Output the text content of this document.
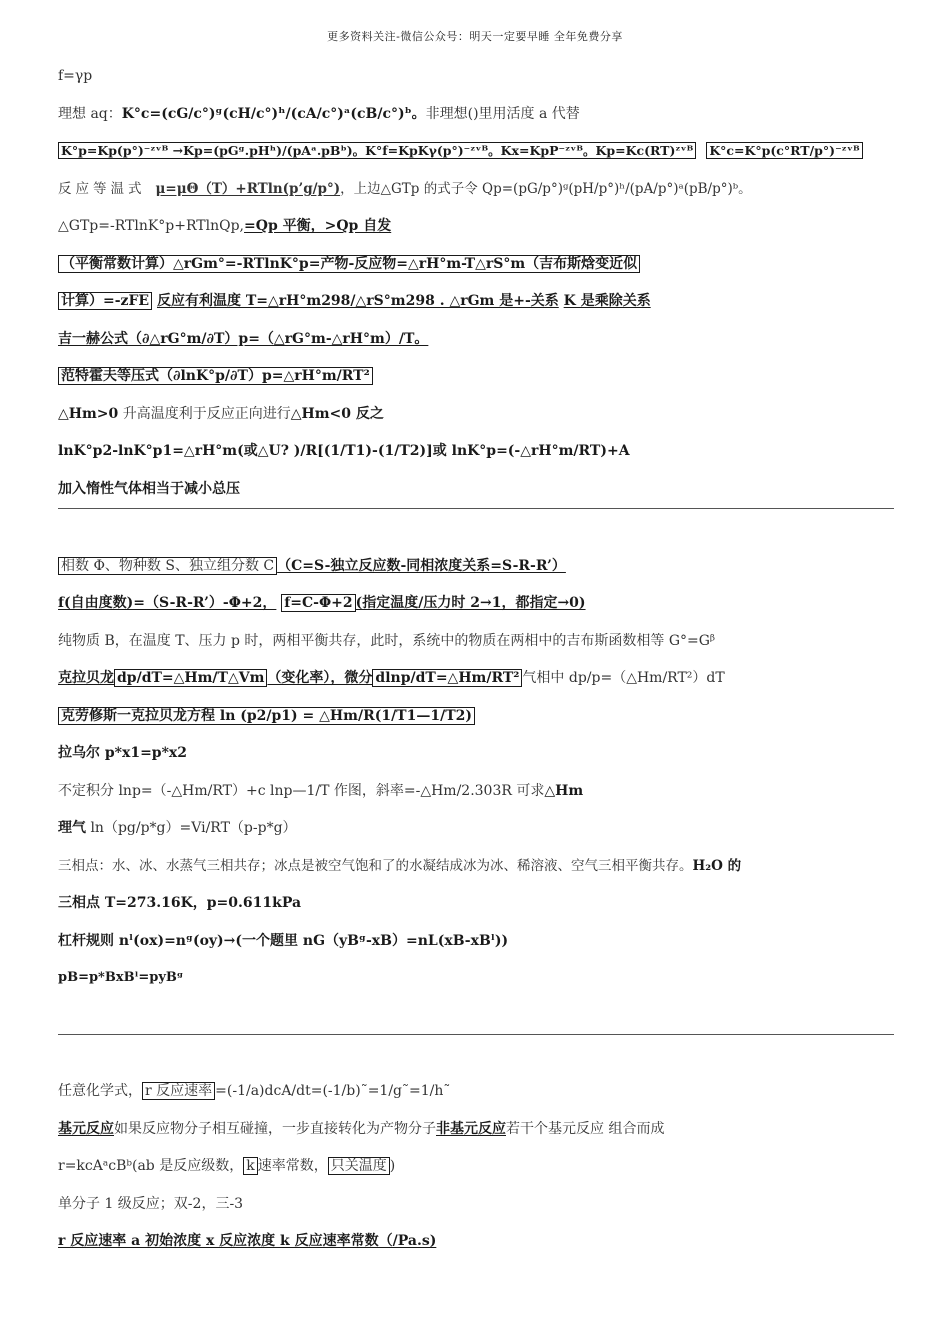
更多资料关注-微信公众号：明天一定要早睡 全年免费分享
f=γp
理想 aq：K°c=(cG/c°)ᵍ(cH/c°)ʰ/(cA/c°)ᵃ(cB/c°)ᵇ。非理想()里用活度 a 代替
K°p=Kp(p°)⁻ᶻᵛᴮ →Kp=(pGᵍ.pHʰ)/(pAᵃ.pBᵇ)。K°f=KpKγ(p°)⁻ᶻᵛᴮ。Kx=KpP⁻ᶻᵛᴮ。Kp=Kc(RT)ᶻᵛᴮ K°c=K°p(c°RT/p°)⁻ᶻᵛᴮ
反应等温式 μ=μΘ（T）+RTln(p’g/p°)，上边△GTp 的式子令 Qp=(pG/p°)ᵍ(pH/p°)ʰ/(pA/p°)ᵃ(pB/p°)ᵇ。
△GTp=-RTlnK°p+RTlnQp,=Qp 平衡，>Qp 自发
（平衡常数计算）△rGm°=-RTlnK°p=产物-反应物=△rH°m-T△rS°m（吉布斯焓变近似
计算）=-zFE 反应有利温度 T=△rH°m298/△rS°m298 . △rGm 是+-关系 K 是乘除关系
吉一赫公式（∂△rG°m/∂T）p=（△rG°m-△rH°m）/T。
范特霍夫等压式（∂lnK°p/∂T）p=△rH°m/RT²
△Hm>0 升高温度利于反应正向进行△Hm<0 反之
lnK°p2-lnK°p1=△rH°m(或△U? )/R[(1/T1)-(1/T2)]或 lnK°p=(-△rH°m/RT)+A
加入惰性气体相当于减小总压
相数 Φ、物种数 S、独立组分数 C （C=S-独立反应数-同相浓度关系=S-R-R’）
f(自由度数)=（S-R-R’）-Φ+2， f=C-Φ+2 (指定温度/压力时 2→1，都指定→0)
纯物质 B，在温度 T、压力 p 时，两相平衡共存，此时，系统中的物质在两相中的吉布斯函数相等 G°=Gᵝ
克拉贝龙 dp/dT=△Hm/T△Vm （变化率），微分 dlnp/dT=△Hm/RT² 气相中 dp/p=（△Hm/RT²）dT
克劳修斯一克拉贝龙方程 ln (p2/p1) = △Hm/R(1/T1—1/T2)
拉乌尔 p*x1=p*x2
不定积分 lnp=（-△Hm/RT）+c lnp—1/T 作图，斜率=-△Hm/2.303R 可求△Hm
理气 ln（pg/p*g）=Vi/RT（p-p*g）
三相点：水、冰、水蒸气三相共存；冰点是被空气饱和了的水凝结成冰为冰、稀溶液、空气三相平衡共存。H₂O 的
三相点 T=273.16K，p=0.611kPa
杠杆规则 nˡ(ox)=nᵍ(oy)→(一个题里 nG（yBᵍ-xB）=nL(xB-xBˡ))
pB=p*BxBˡ=pyBᵍ
任意化学式， r 反应速率 =(-1/a)dcA/dt=(-1/b)˜=1/g˜=1/h˜
基元反应如果反应物分子相互碰撞，一步直接转化为产物分子非基元反应若干个基元反应 组合而成
r=kcAᵃcBᵇ(ab 是反应级数， k 速率常数， 只关温度 )
单分子 1 级反应；双-2，三-3
r 反应速率 a 初始浓度 x 反应浓度 k 反应速率常数（/Pa.s)
